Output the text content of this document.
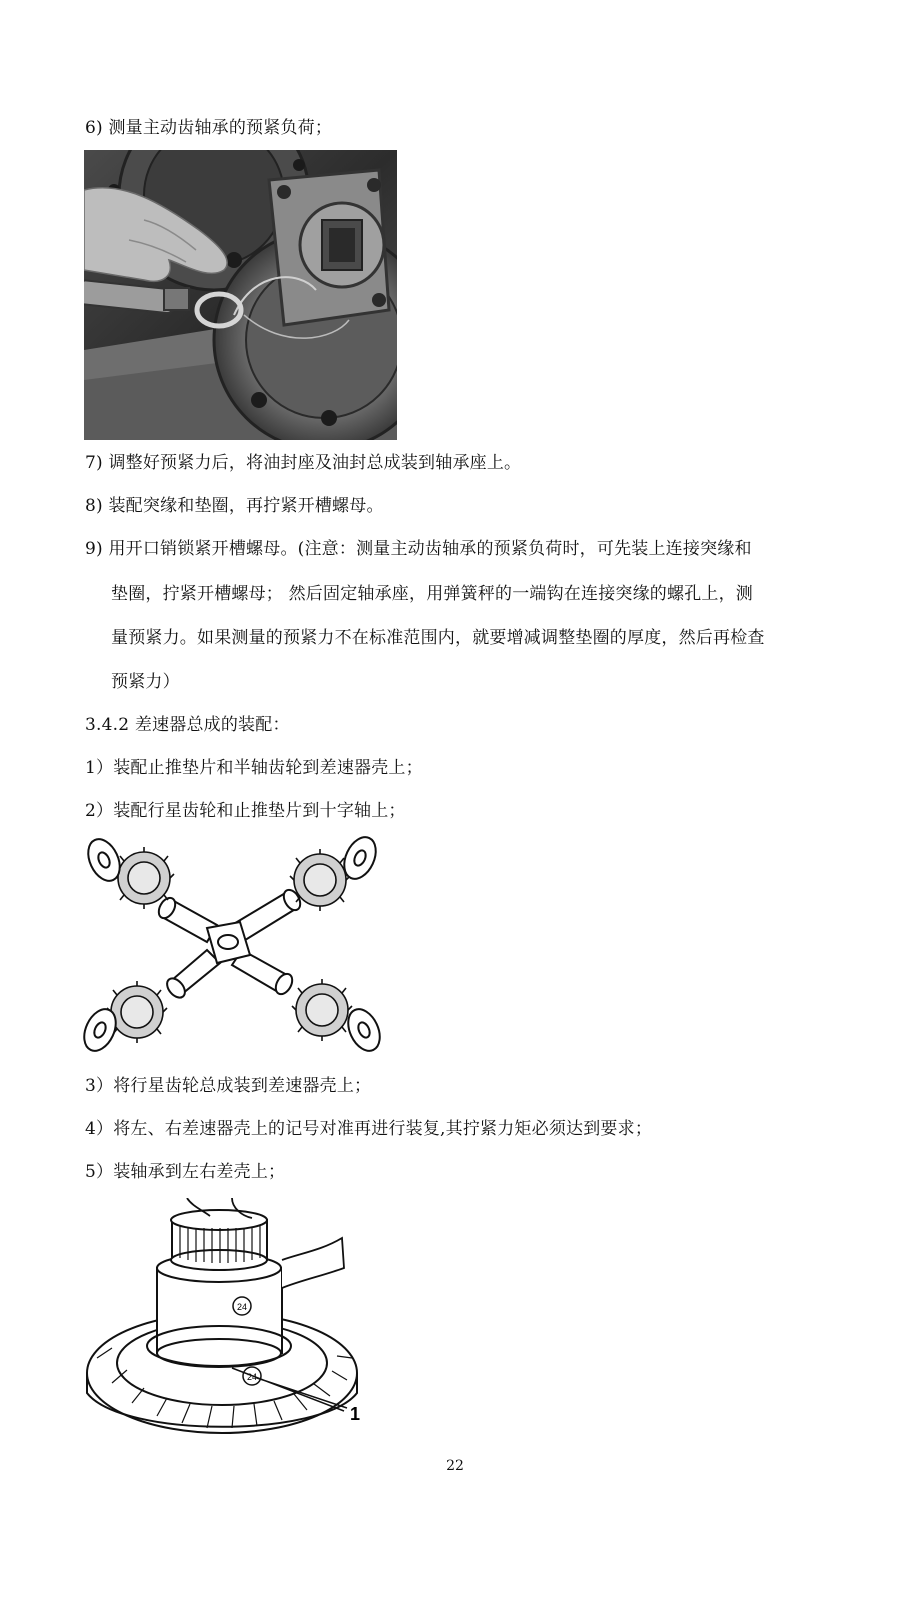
6) 测量主动齿轴承的预紧负荷；
7) 调整好预紧力后，将油封座及油封总成装到轴承座上。
8) 装配突缘和垫圈，再拧紧开槽螺母。
9) 用开口销锁紧开槽螺母。(注意：测量主动齿轴承的预紧负荷时，可先装上连接突缘和
垫圈，拧紧开槽螺母； 然后固定轴承座，用弹簧秤的一端钩在连接突缘的螺孔上，测
量预紧力。如果测量的预紧力不在标准范围内，就要增减调整垫圈的厚度，然后再检查
预紧力）
3.4.2 差速器总成的装配：
1）装配止推垫片和半轴齿轮到差速器壳上；
2）装配行星齿轮和止推垫片到十字轴上；
3）将行星齿轮总成装到差速器壳上；
4）将左、右差速器壳上的记号对准再进行装复,其拧紧力矩必须达到要求；
5）装轴承到左右差壳上；
24
24
1
22
